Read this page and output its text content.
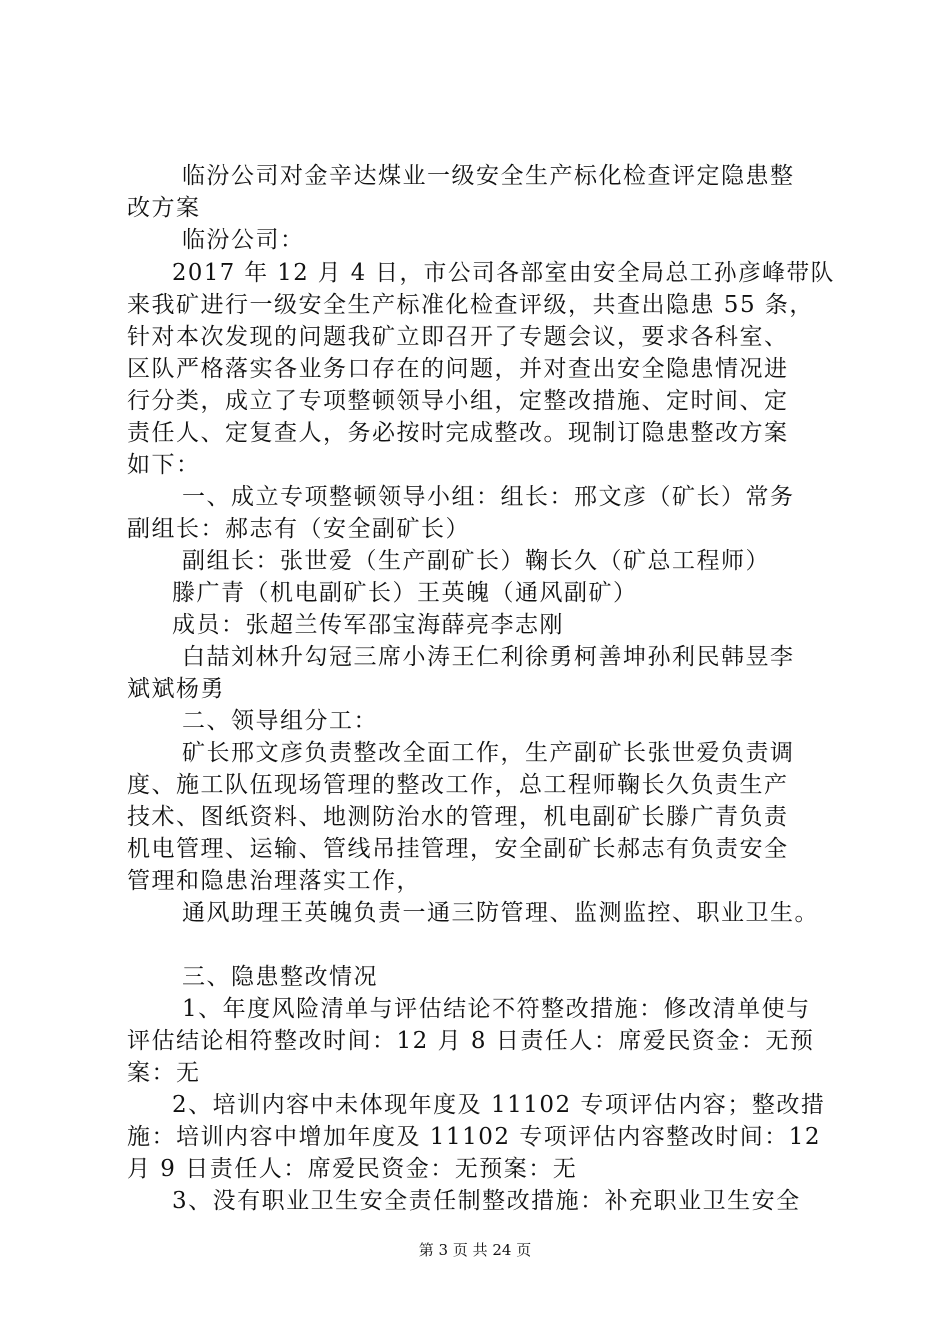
临汾公司对金辛达煤业一级安全生产标化检查评定隐患整
改方案
临汾公司：
2017 年 12 月 4 日，市公司各部室由安全局总工孙彦峰带队
来我矿进行一级安全生产标准化检查评级，共查出隐患 55 条，
针对本次发现的问题我矿立即召开了专题会议，要求各科室、
区队严格落实各业务口存在的问题，并对查出安全隐患情况进
行分类，成立了专项整顿领导小组，定整改措施、定时间、定
责任人、定复查人，务必按时完成整改。现制订隐患整改方案
如下：
一、成立专项整顿领导小组：组长：邢文彦（矿长）常务
副组长：郝志有（安全副矿长）
副组长：张世爱（生产副矿长）鞠长久（矿总工程师）
滕广青（机电副矿长）王英魄（通风副矿）
成员：张超兰传军邵宝海薛亮李志刚
白喆刘林升勾冠三席小涛王仁利徐勇柯善坤孙利民韩昱李
斌斌杨勇
二、领导组分工：
矿长邢文彦负责整改全面工作，生产副矿长张世爱负责调
度、施工队伍现场管理的整改工作，总工程师鞠长久负责生产
技术、图纸资料、地测防治水的管理，机电副矿长滕广青负责
机电管理、运输、管线吊挂管理，安全副矿长郝志有负责安全
管理和隐患治理落实工作，
通风助理王英魄负责一通三防管理、监测监控、职业卫生。
三、隐患整改情况
1、年度风险清单与评估结论不符整改措施：修改清单使与
评估结论相符整改时间：12 月 8 日责任人：席爱民资金：无预
案：无
2、培训内容中未体现年度及 11102 专项评估内容；整改措
施：培训内容中增加年度及 11102 专项评估内容整改时间：12
月 9 日责任人：席爱民资金：无预案：无
3、没有职业卫生安全责任制整改措施：补充职业卫生安全
第 3 页 共 24 页
